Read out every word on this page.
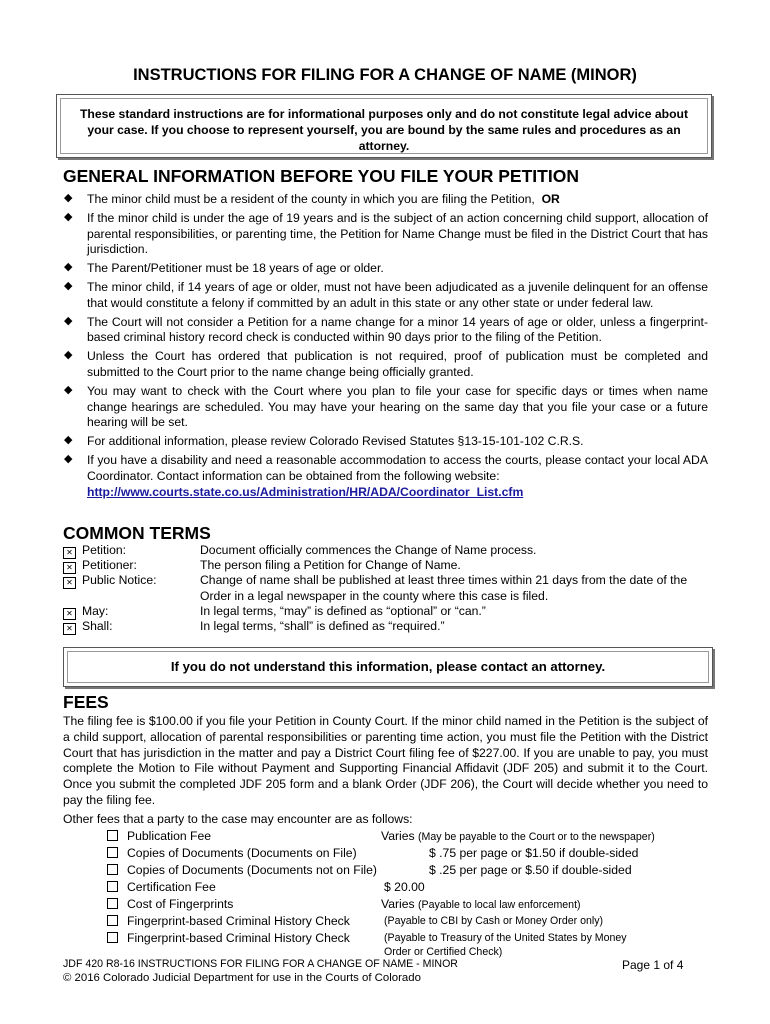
INSTRUCTIONS FOR FILING FOR A CHANGE OF NAME (MINOR)
These standard instructions are for informational purposes only and do not constitute legal advice about your case. If you choose to represent yourself, you are bound by the same rules and procedures as an attorney.
GENERAL INFORMATION BEFORE YOU FILE YOUR PETITION
◆ The minor child must be a resident of the county in which you are filing the Petition, OR
◆ If the minor child is under the age of 19 years and is the subject of an action concerning child support, allocation of parental responsibilities, or parenting time, the Petition for Name Change must be filed in the District Court that has jurisdiction.
◆ The Parent/Petitioner must be 18 years of age or older.
◆ The minor child, if 14 years of age or older, must not have been adjudicated as a juvenile delinquent for an offense that would constitute a felony if committed by an adult in this state or any other state or under federal law.
◆ The Court will not consider a Petition for a name change for a minor 14 years of age or older, unless a fingerprint-based criminal history record check is conducted within 90 days prior to the filing of the Petition.
◆ Unless the Court has ordered that publication is not required, proof of publication must be completed and submitted to the Court prior to the name change being officially granted.
◆ You may want to check with the Court where you plan to file your case for specific days or times when name change hearings are scheduled. You may have your hearing on the same day that you file your case or a future hearing will be set.
◆ For additional information, please review Colorado Revised Statutes §13-15-101-102 C.R.S.
◆ If you have a disability and need a reasonable accommodation to access the courts, please contact your local ADA Coordinator. Contact information can be obtained from the following website:
http://www.courts.state.co.us/Administration/HR/ADA/Coordinator_List.cfm
COMMON TERMS
✕ Petition:	Document officially commences the Change of Name process.
✕ Petitioner:	The person filing a Petition for Change of Name.
✕ Public Notice:	Change of name shall be published at least three times within 21 days from the date of the Order in a legal newspaper in the county where this case is filed.
✕ May:	In legal terms, “may” is defined as “optional” or “can.”
✕ Shall:	In legal terms, “shall” is defined as “required.”
If you do not understand this information, please contact an attorney.
FEES
The filing fee is $100.00 if you file your Petition in County Court. If the minor child named in the Petition is the subject of a child support, allocation of parental responsibilities or parenting time action, you must file the Petition with the District Court that has jurisdiction in the matter and pay a District Court filing fee of $227.00. If you are unable to pay, you must complete the Motion to File without Payment and Supporting Financial Affidavit (JDF 205) and submit it to the Court. Once you submit the completed JDF 205 form and a blank Order (JDF 206), the Court will decide whether you need to pay the filing fee.
Other fees that a party to the case may encounter are as follows:
Publication Fee	Varies (May be payable to the Court or to the newspaper)
Copies of Documents (Documents on File)	$ .75 per page or $1.50 if double-sided
Copies of Documents (Documents not on File)	$ .25 per page or $.50 if double-sided
Certification Fee	$ 20.00
Cost of Fingerprints	Varies (Payable to local law enforcement)
Fingerprint-based Criminal History Check	(Payable to CBI by Cash or Money Order only)
Fingerprint-based Criminal History Check	(Payable to Treasury of the United States by Money Order or Certified Check)
JDF 420 R8-16 INSTRUCTIONS FOR FILING FOR A CHANGE OF NAME - MINOR	Page 1 of 4
© 2016 Colorado Judicial Department for use in the Courts of Colorado
